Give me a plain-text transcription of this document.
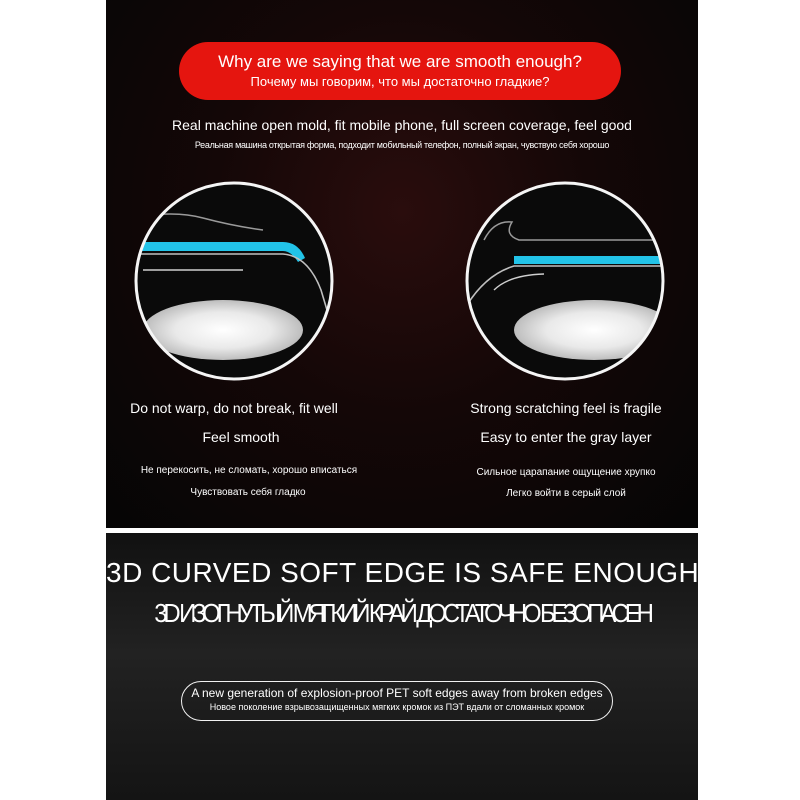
Why are we saying that we are smooth enough?
Почему мы говорим, что мы достаточно гладкие?
Real machine open mold, fit mobile phone, full screen coverage, feel good
Реальная машина открытая форма, подходит мобильный телефон, полный экран, чувствую себя хорошо
Do not warp, do not break, fit well
Feel smooth
Не перекосить, не сломать, хорошо вписаться
Чувствовать себя гладко
Strong scratching feel is fragile
Easy to enter the gray layer
Сильное царапание ощущение хрупко
Легко войти в серый слой
3D CURVED SOFT EDGE IS SAFE ENOUGH
3D ИЗОГНУТЫЙ МЯГКИЙ КРАЙ ДОСТАТОЧНО БЕЗОПАСЕН
A new generation of explosion-proof PET soft edges away from broken edges
Новое поколение взрывозащищенных мягких кромок из ПЭТ вдали от сломанных кромок
